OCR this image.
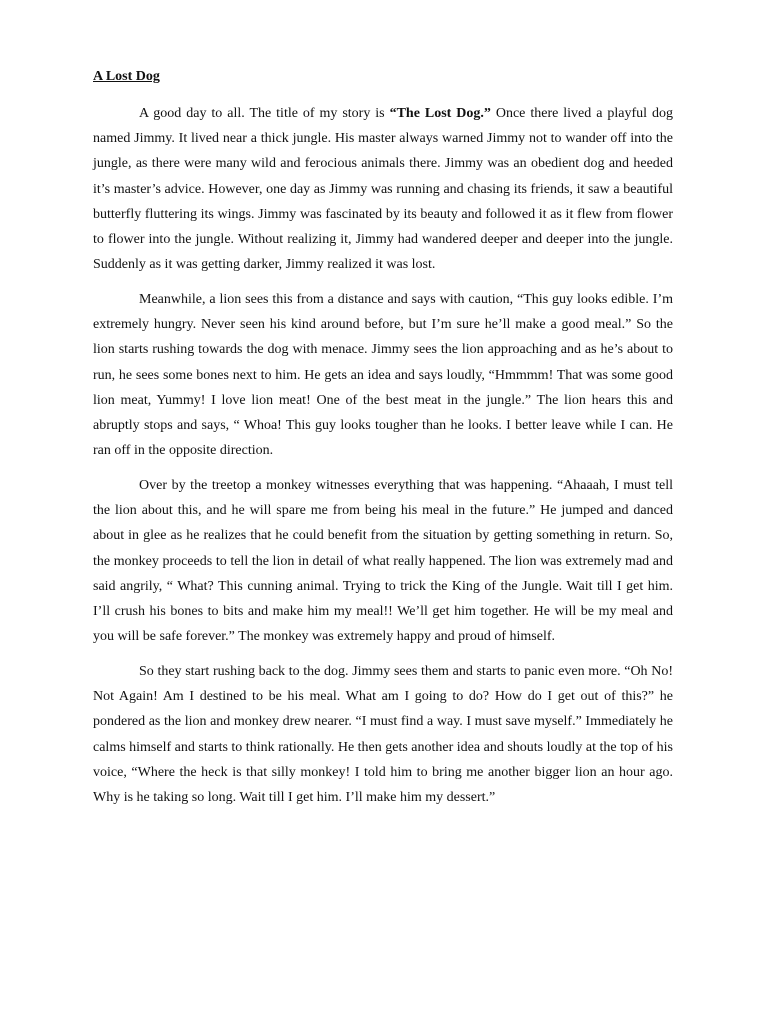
A Lost Dog

A good day to all. The title of my story is “The Lost Dog.” Once there lived a playful dog named Jimmy. It lived near a thick jungle. His master always warned Jimmy not to wander off into the jungle, as there were many wild and ferocious animals there. Jimmy was an obedient dog and heeded it’s master’s advice. However, one day as Jimmy was running and chasing its friends, it saw a beautiful butterfly fluttering its wings. Jimmy was fascinated by its beauty and followed it as it flew from flower to flower into the jungle. Without realizing it, Jimmy had wandered deeper and deeper into the jungle. Suddenly as it was getting darker, Jimmy realized it was lost.

Meanwhile, a lion sees this from a distance and says with caution, “This guy looks edible. I’m extremely hungry. Never seen his kind around before, but I’m sure he’ll make a good meal.” So the lion starts rushing towards the dog with menace. Jimmy sees the lion approaching and as he’s about to run, he sees some bones next to him. He gets an idea and says loudly, “Hmmmm! That was some good lion meat, Yummy! I love lion meat! One of the best meat in the jungle.” The lion hears this and abruptly stops and says, “ Whoa! This guy looks tougher than he looks. I better leave while I can. He ran off in the opposite direction.

Over by the treetop a monkey witnesses everything that was happening. “Ahaaah, I must tell the lion about this, and he will spare me from being his meal in the future.” He jumped and danced about in glee as he realizes that he could benefit from the situation by getting something in return. So, the monkey proceeds to tell the lion in detail of what really happened. The lion was extremely mad and said angrily, “ What? This cunning animal. Trying to trick the King of the Jungle. Wait till I get him. I’ll crush his bones to bits and make him my meal!! We’ll get him together. He will be my meal and you will be safe forever.” The monkey was extremely happy and proud of himself.

So they start rushing back to the dog. Jimmy sees them and starts to panic even more. “Oh No! Not Again! Am I destined to be his meal. What am I going to do? How do I get out of this?” he pondered as the lion and monkey drew nearer. “I must find a way. I must save myself.” Immediately he calms himself and starts to think rationally. He then gets another idea and shouts loudly at the top of his voice, “Where the heck is that silly monkey! I told him to bring me another bigger lion an hour ago. Why is he taking so long. Wait till I get him. I’ll make him my dessert.”
